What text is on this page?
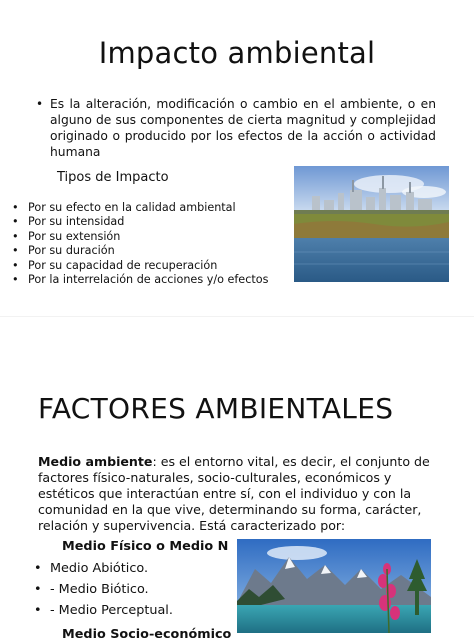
Impacto ambiental
• Es la alteración, modificación o cambio en el ambiente, o en alguno de sus componentes de cierta magnitud y complejidad originado o producido por los efectos de la acción o actividad humana
Tipos de Impacto
• Por su efecto en la calidad ambiental
• Por su intensidad
• Por su extensión
• Por su duración
• Por su capacidad de recuperación
• Por la interrelación de acciones y/o efectos
FACTORES AMBIENTALES
Medio ambiente: es el entorno vital, es decir, el conjunto de factores físico-naturales, socio-culturales, económicos y estéticos que interactúan entre sí, con el individuo y con la comunidad en la que vive, determinando su forma, carácter, relación y supervivencia. Está caracterizado por:
Medio Físico o Medio N
• Medio Abiótico.
• - Medio Biótico.
• - Medio Perceptual.
Medio Socio-económico
